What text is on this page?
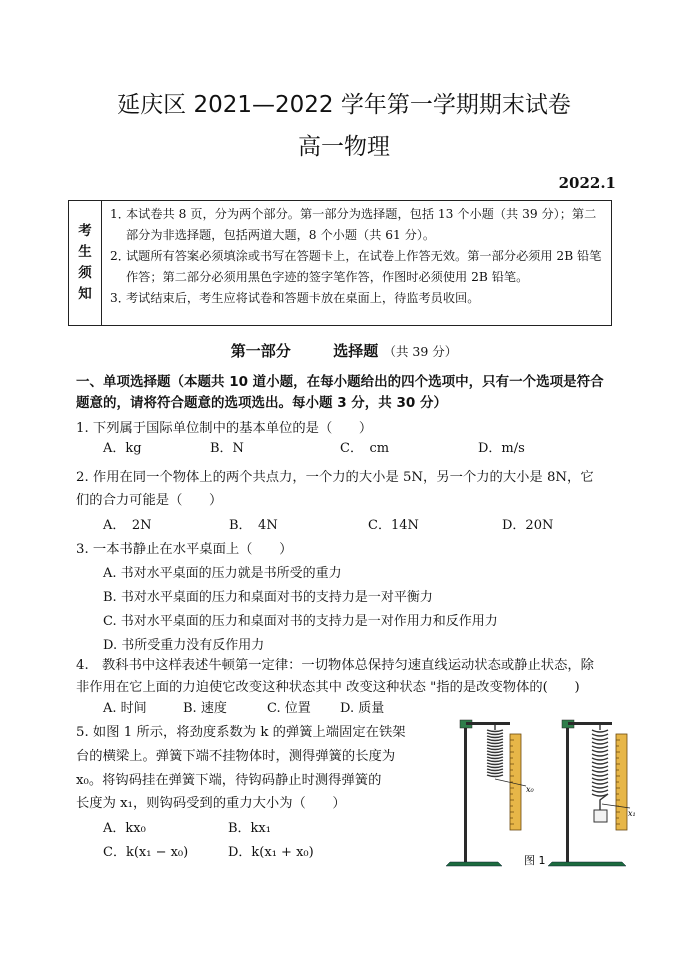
延庆区 2021—2022 学年第一学期期末试卷
高一物理
2022.1
考
生
须
知
1．
本试卷共 8 页，分为两个部分。第一部分为选择题，包括 13 个小题（共 39 分）；第二部分为非选择题，包括两道大题，8 个小题（共 61 分）。
2．
试题所有答案必须填涂或书写在答题卡上，在试卷上作答无效。第一部分必须用 2B 铅笔作答；第二部分必须用黑色字迹的签字笔作答，作图时必须使用 2B 铅笔。
3．
考试结束后，考生应将试卷和答题卡放在桌面上，待监考员收回。
第一部分	选择题 （共 39 分）
一、单项选择题（本题共 10 道小题，在每小题给出的四个选项中，只有一个选项是符合题意的，请将符合题意的选项选出。每小题 3 分，共 30 分）
1. 下列属于国际单位制中的基本单位的是（　　）
A．kg	B．N	C．　cm	D．m/s
2. 作用在同一个物体上的两个共点力，一个力的大小是 5N，另一个力的大小是 8N，它
们的合力可能是（　　）
A．　2N	B．　4N	C．14N	D．20N
3. 一本书静止在水平桌面上（　　）
A. 书对水平桌面的压力就是书所受的重力
B. 书对水平桌面的压力和桌面对书的支持力是一对平衡力
C. 书对水平桌面的压力和桌面对书的支持力是一对作用力和反作用力
D. 书所受重力没有反作用力
4.　教科书中这样表述牛顿第一定律：一切物体总保持匀速直线运动状态或静止状态，除
非作用在它上面的力迫使它改变这种状态其中 改变这种状态 "指的是改变物体的(　　)
A. 时间	B. 速度	C. 位置 D. 质量
5. 如图 1 所示，将劲度系数为 k 的弹簧上端固定在铁架
台的横梁上。弹簧下端不挂物体时，测得弹簧的长度为
x₀。将钩码挂在弹簧下端，待钩码静止时测得弹簧的
长度为 x₁，则钩码受到的重力大小为（　　）
A．kx₀	B．kx₁
C．k(x₁ − x₀)	D．k(x₁ + x₀)
x₀
x₁
图 1
